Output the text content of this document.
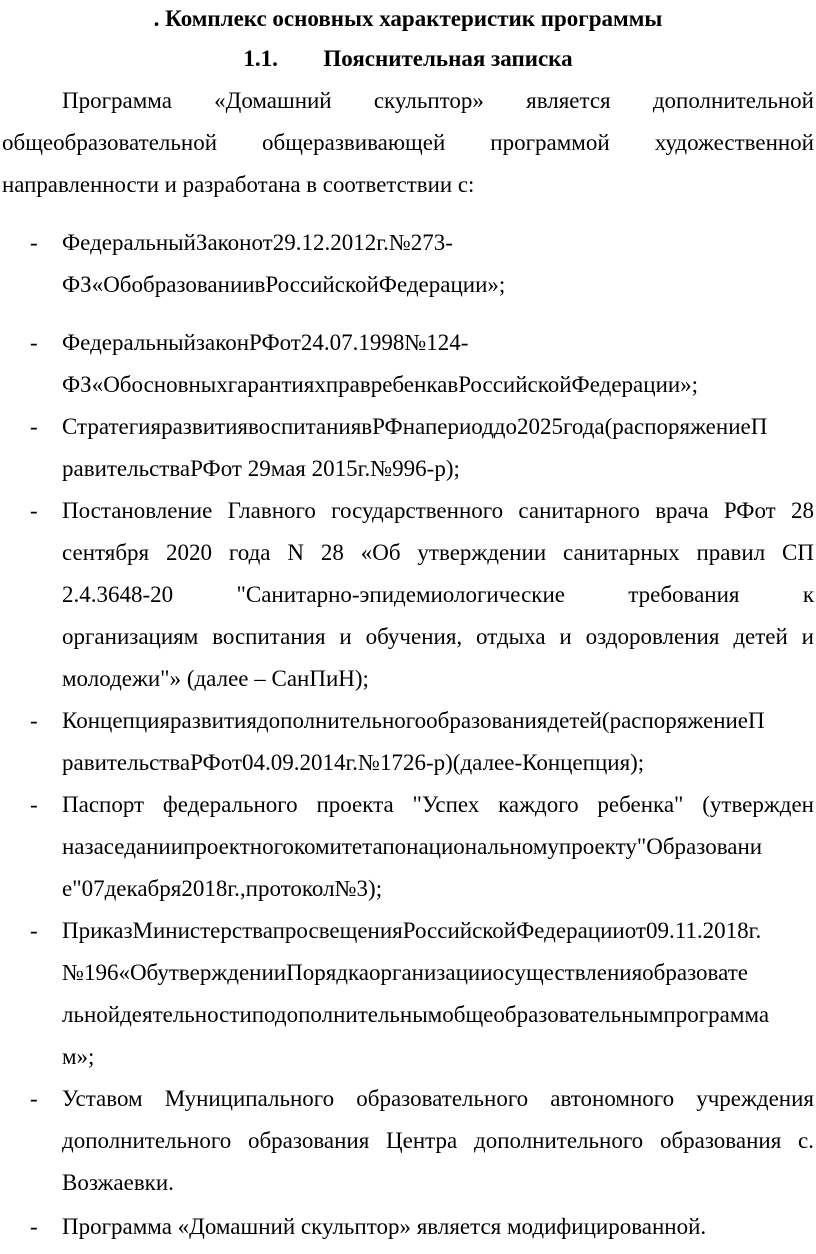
. Комплекс основных характеристик программы
1.1. Пояснительная записка
Программа «Домашний скульптор» является дополнительной
общеобразовательной общеразвивающей программой художественной
направленности и разработана в соответствии с:
- ФедеральныйЗаконот29.12.2012г.№273-
ФЗ«ОбобразованиивРоссийскойФедерации»;
- ФедеральныйзаконРФот24.07.1998№124-
ФЗ«ОбосновныхгарантияхправребенкавРоссийскойФедерации»;
- СтратегияразвитиявоспитаниявРФнапериоддо2025года(распоряжениеП
равительстваРФот 29мая 2015г.№996-р);
- Постановление Главного государственного санитарного врача РФот 28
сентября 2020 года N 28 «Об утверждении санитарных правил СП
2.4.3648-20 "Санитарно-эпидемиологические требования к
организациям воспитания и обучения, отдыха и оздоровления детей и
молодежи"» (далее – СанПиН);
- Концепцияразвитиядополнительногообразованиядетей(распоряжениеП
равительстваРФот04.09.2014г.№1726-р)(далее-Концепция);
- Паспорт федерального проекта "Успех каждого ребенка" (утвержден
назаседаниипроектногокомитетапонациональномупроекту"Образовани
е"07декабря2018г.,протокол№3);
- ПриказМинистерствапросвещенияРоссийскойФедерацииот09.11.2018г.
№196«ОбутвержденииПорядкаорганизацииосуществленияобразовате
льнойдеятельностиподополнительнымобщеобразовательнымпрограмма
м»;
- Уставом Муниципального образовательного автономного учреждения
дополнительного образования Центра дополнительного образования с.
Возжаевки.
- Программа «Домашний скульптор» является модифицированной.
